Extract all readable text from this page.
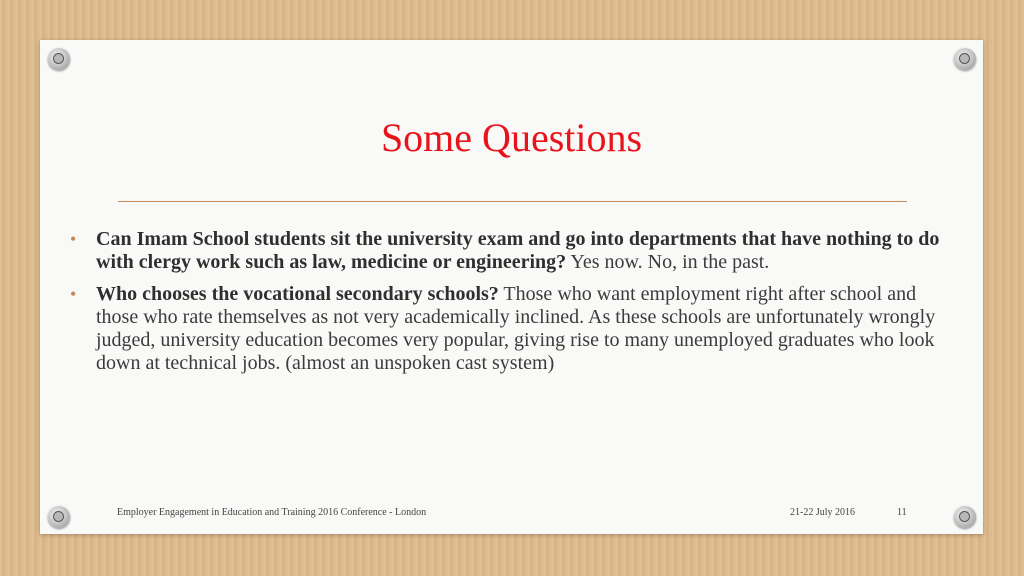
Some Questions
• Can Imam School students sit the university exam and go into departments that have nothing to do with clergy work such as law, medicine or engineering? Yes now. No, in the past.
• Who chooses the vocational secondary schools? Those who want employment right after school and those who rate themselves as not very academically inclined. As these schools are unfortunately wrongly judged, university education becomes very popular, giving rise to many unemployed graduates who look down at technical jobs. (almost an unspoken cast system)
Employer Engagement in Education and Training 2016 Conference - London	21-22 July 2016	11
